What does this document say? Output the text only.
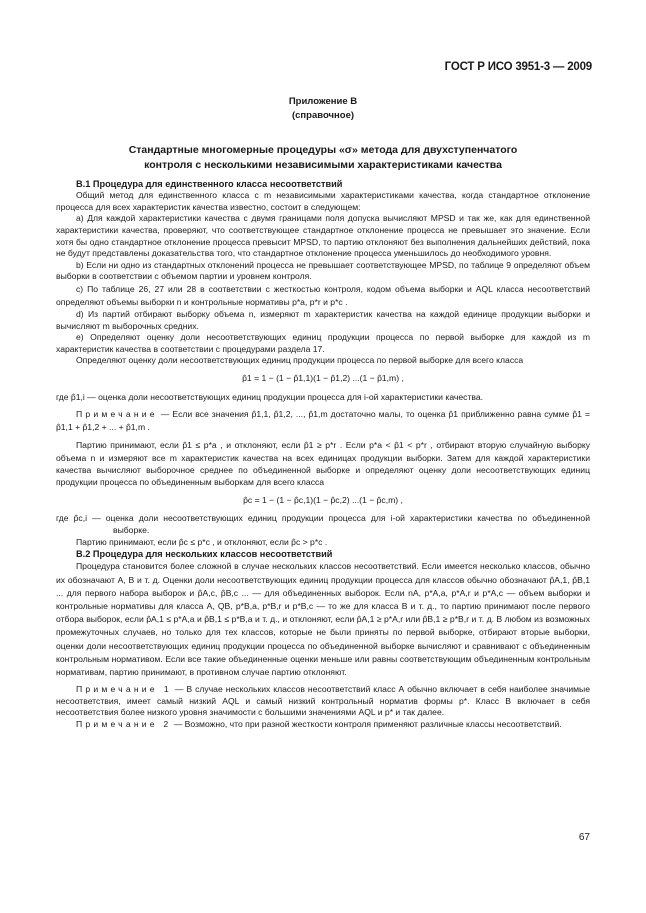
ГОСТ Р ИСО 3951-3 — 2009
Приложение В
(справочное)
Стандартные многомерные процедуры «σ» метода для двухступенчатого
контроля с несколькими независимыми характеристиками качества

В.1 Процедура для единственного класса несоответствий

Общий метод для единственного класса с m независимыми характеристиками качества, когда стандартное отклонение процесса для всех характеристик качества известно, состоит в следующем:

а) Для каждой характеристики качества с двумя границами поля допуска вычисляют MPSD и так же, как для единственной характеристики качества, проверяют, что соответствующее стандартное отклонение процесса не превышает это значение. Если хотя бы одно стандартное отклонение процесса превысит MPSD, то партию отклоняют без выполнения дальнейших действий, пока не будут представлены доказательства того, что стандартное отклонение процесса уменьшилось до необходимого уровня.

b) Если ни одно из стандартных отклонений процесса не превышает соответствующее MPSD, по таблице 9 определяют объем выборки в соответствии с объемом партии и уровнем контроля.

c) По таблице 26, 27 или 28 в соответствии с жесткостью контроля, кодом объема выборки и AQL класса несоответствий определяют объемы выборки n и контрольные нормативы p*a, p*r и p*c .

d) Из партий отбирают выборку объема n, измеряют m характеристик качества на каждой единице продукции выборки и вычисляют m выборочных средних.

e) Определяют оценку доли несоответствующих единиц продукции процесса по первой выборке для каждой из m характеристик качества в соответствии с процедурами раздела 17.

Определяют оценку доли несоответствующих единиц продукции процесса по первой выборке для всего класса

p̂1 = 1 − (1 − p̂1,1)(1 − p̂1,2) ...(1 − p̂1,m) ,

где p̂1,i — оценка доли несоответствующих единиц продукции процесса для i-ой характеристики качества.

Примечание — Если все значения p̂1,1, p̂1,2, ..., p̂1,m достаточно малы, то оценка p̂1 приближенно равна сумме p̂1 = p̂1,1 + p̂1,2 + ... + p̂1,m .

Партию принимают, если p̂1 ≤ p*a , и отклоняют, если p̂1 ≥ p*r . Если p*a < p̂1 < p*r , отбирают вторую случайную выборку объема n и измеряют все m характеристик качества на всех единицах продукции выборки. Затем для каждой характеристики качества вычисляют выборочное среднее по объединенной выборке и определяют оценку доли несоответствующих единиц продукции процесса по объединенным выборкам для всего класса

p̂c = 1 − (1 − p̂c,1)(1 − p̂c,2) ...(1 − p̂c,m) ,

где p̂c,i — оценка доли несоответствующих единиц продукции процесса для i-ой характеристики качества по объединенной выборке.

Партию принимают, если p̂c ≤ p*c , и отклоняют, если p̂c > p*c .

В.2 Процедура для нескольких классов несоответствий

Процедура становится более сложной в случае нескольких классов несоответствий. Если имеется несколько классов, обычно их обозначают А, В и т. д. Оценки доли несоответствующих единиц продукции процесса для классов обычно обозначают p̂A,1, p̂B,1 ... для первого набора выборок и p̂A,c, p̂B,c ... — для объединенных выборок. Если nA, p*A,a, p*A,r и p*A,c — объем выборки и контрольные нормативы для класса А, QB, p*B,a, p*B,r и p*B,c — то же для класса В и т. д., то партию принимают после первого отбора выборок, если p̂A,1 ≤ p*A,a и p̂B,1 ≤ p*B,a и т. д., и отклоняют, если p̂A,1 ≥ p*A,r или p̂B,1 ≥ p*B,r и т. д. В любом из возможных промежуточных случаев, но только для тех классов, которые не были приняты по первой выборке, отбирают вторые выборки, оценки доли несоответствующих единиц продукции процесса по объединенной выборке вычисляют и сравнивают с объединенным контрольным нормативом. Если все такие объединенные оценки меньше или равны соответствующим объединенным контрольным нормативам, партию принимают, в противном случае партию отклоняют.

Примечание 1 — В случае нескольких классов несоответствий класс А обычно включает в себя наиболее значимые несоответствия, имеет самый низкий AQL и самый низкий контрольный норматив формы p*. Класс В включает в себя несоответствия более низкого уровня значимости с большими значениями AQL и p* и так далее.

Примечание 2 — Возможно, что при разной жесткости контроля применяют различные классы несоответствий.

67
